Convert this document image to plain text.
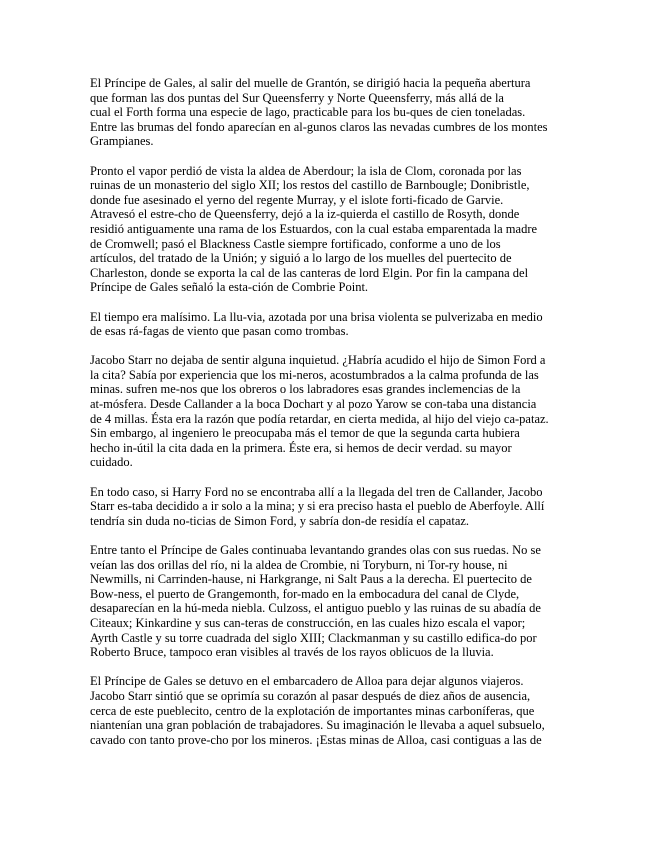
El Príncipe de Gales, al salir del muelle de Grantón, se dirigió hacia la pequeña abertura
que forman las dos puntas del Sur Queensferry y Norte Queensferry, más allá de la
cual el Forth forma una especie de lago, practicable para los bu-ques de cien toneladas.
Entre las brumas del fondo aparecían en al-gunos claros las nevadas cumbres de los montes
Grampianes.

Pronto el vapor perdió de vista la aldea de Aberdour; la isla de Clom, coronada por las
ruinas de un monasterio del siglo XII; los restos del castillo de Barnbougle; Donibristle,
donde fue asesinado el yerno del regente Murray, y el islote forti-ficado de Garvie.
Atravesó el estre-cho de Queensferry, dejó a la iz-quierda el castillo de Rosyth, donde
residió antiguamente una rama de los Estuardos, con la cual estaba emparentada la madre
de Cromwell; pasó el Blackness Castle siempre fortificado, conforme a uno de los
artículos, del tratado de la Unión; y siguió a lo largo de los muelles del puertecito de
Charleston, donde se exporta la cal de las canteras de lord Elgin. Por fin la campana del
Príncipe de Gales señaló la esta-ción de Combrie Point.

El tiempo era malísimo. La llu-via, azotada por una brisa violenta se pulverizaba en medio
de esas rá-fagas de viento que pasan como trombas.

Jacobo Starr no dejaba de sentir alguna inquietud. ¿Habría acudido el hijo de Simon Ford a
la cita? Sabía por experiencia que los mi-neros, acostumbrados a la calma profunda de las
minas. sufren me-nos que los obreros o los labradores esas grandes inclemencias de la
at-mósfera. Desde Callander a la boca Dochart y al pozo Yarow se con-taba una distancia
de 4 millas. Ésta era la razón que podía retardar, en cierta medida, al hijo del viejo ca-pataz.
Sin embargo, al ingeniero le preocupaba más el temor de que la segunda carta hubiera
hecho in-útil la cita dada en la primera. Éste era, si hemos de decir verdad. su mayor
cuidado.

En todo caso, si Harry Ford no se encontraba allí a la llegada del tren de Callander, Jacobo
Starr es-taba decidido a ir solo a la mina; y si era preciso hasta el pueblo de Aberfoyle. Allí
tendría sin duda no-ticias de Simon Ford, y sabría don-de residía el capataz.

Entre tanto el Príncipe de Gales continuaba levantando grandes olas con sus ruedas. No se
veían las dos orillas del río, ni la aldea de Crombie, ni Toryburn, ni Tor-ry house, ni
Newmills, ni Carrinden-hause, ni Harkgrange, ni Salt Paus a la derecha. El puertecito de
Bow-ness, el puerto de Grangemonth, for-mado en la embocadura del canal de Clyde,
desaparecían en la hú-meda niebla. Culzoss, el antiguo pueblo y las ruinas de su abadía de
Citeaux; Kinkardine y sus can-teras de construcción, en las cuales hizo escala el vapor;
Ayrth Castle y su torre cuadrada del siglo XIII; Clackmanman y su castillo edifica-do por
Roberto Bruce, tampoco eran visibles al través de los rayos oblicuos de la lluvia.

El Príncipe de Gales se detuvo en el embarcadero de Alloa para dejar algunos viajeros.
Jacobo Starr sintió que se oprimía su corazón al pasar después de diez años de ausencia,
cerca de este pueblecito, centro de la explotación de importantes minas carboníferas, que
niantenían una gran población de trabajadores. Su imaginación le llevaba a aquel subsuelo,
cavado con tanto prove-cho por los mineros. ¡Estas minas de Alloa, casi contiguas a las de
